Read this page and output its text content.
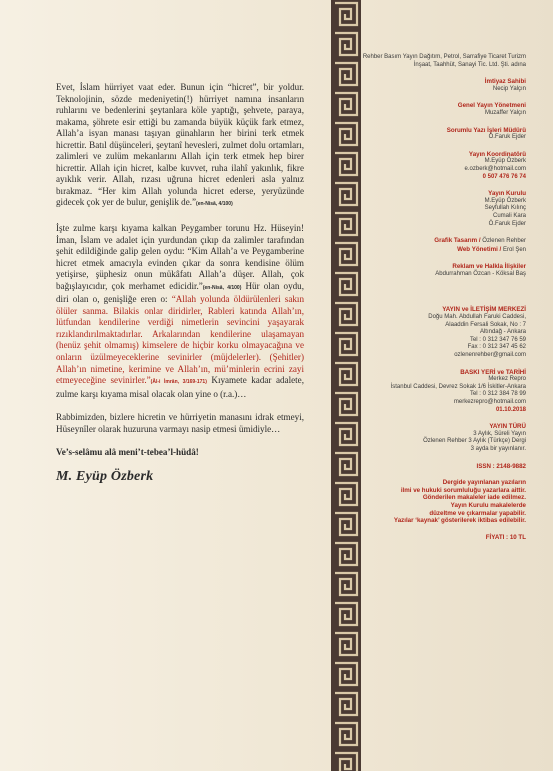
Evet, İslam hürriyet vaat eder. Bunun için “hicret”, bir yoldur. Teknolojinin, sözde medeniyetin(!) hürriyet namına insanların ruhlarını ve bedenlerini şeytanlara köle yaptığı, şehvete, paraya, makama, şöhrete esir ettiği bu zamanda büyük küçük fark etmez, Allah’a isyan manası taşıyan günahların her birini terk etmek hicrettir. Batıl düşünceleri, şeytanî hevesleri, zulmet dolu ortamları, zalimleri ve zulüm mekanlarını Allah için terk etmek hep birer hicrettir. Allah için hicret, kalbe kuvvet, ruha ilahî yakınlık, fikre ayıklık verir. Allah, rızası uğruna hicret edenleri asla yalnız bırakmaz. “Her kim Allah yolunda hicret ederse, yeryüzünde gidecek çok yer de bulur, genişlik de.”(en-Nisâ, 4/100)

İşte zulme karşı kıyama kalkan Peygamber torunu Hz. Hüseyin! İman, İslam ve adalet için yurdundan çıkıp da zalimler tarafından şehit edildiğinde galip gelen oydu: “Kim Allah’a ve Peygamberine hicret etmek amacıyla evinden çıkar da sonra kendisine ölüm yetişirse, şüphesiz onun mükâfatı Allah’a düşer. Allah, çok bağışlayıcıdır, çok merhamet edicidir.”(en-Nisâ, 4/100) Hür olan oydu, diri olan o, genişliğe eren o: “Allah yolunda öldürülenleri sakın ölüler sanma. Bilakis onlar diridirler, Rableri katında Allah’ın, lütfundan kendilerine verdiği nimetlerin sevincini yaşayarak rızıklandırılmaktadırlar. Arkalarından kendilerine ulaşamayan (henüz şehit olmamış) kimselere de hiçbir korku olmayacağına ve onların üzülmeyeceklerine sevinirler (müjdelerler). (Şehitler) Allah’ın nimetine, kerimine ve Allah’ın, mü’minlerin ecrini zayi etmeyeceğine sevinirler.”(Âl-i İmrân, 3/169-171) Kıyamete kadar adalete, zulme karşı kıyama misal olacak olan yine o (r.a.)…

Rabbimizden, bizlere hicretin ve hürriyetin manasını idrak etmeyi, Hüseynîler olarak huzuruna varmayı nasip etmesi ümidiyle…

Ve’s-selâmu alâ meni’t-tebea’l-hüdâ!

M. Eyüp Özberk
Rehber Basım Yayın Dağıtım, Petrol, Sarrafiye Ticaret Turizm İnşaat, Taahhüt, Sanayi Tic. Ltd. Şti. adına
İmtiyaz Sahibi
Necip Yalçın
Genel Yayın Yönetmeni
Muzaffer Yalçın
Sorumlu Yazı İşleri Müdürü
Ö.Faruk Ejder
Yayın Koordinatörü
M.Eyüp Özberk
e.ozberk@hotmail.com
0 507 476 76 74
Yayın Kurulu
M.Eyüp Özberk
Seyfullah Kılınç
Cumali Kara
Ö.Faruk Ejder
Grafik Tasarım / Özlenen Rehber
Web Yönetimi / Erol Şen
Reklam ve Halkla İlişkiler
Abdurrahman Özcan - Köksal Baş
YAYIN ve İLETİŞİM MERKEZİ
Doğu Mah. Abdullah Faruki Caddesi,
Alaaddin Fersali Sokak, No : 7
Altındağ - Ankara
Tel : 0 312 347 76 59
Fax : 0 312 347 45 62
ozlenenrehber@gmail.com
BASKI YERİ ve TARİHİ
Merkez Repro
İstanbul Caddesi, Devrez Sokak 1/6 İskitler-Ankara
Tel : 0 312 384 78 99
merkezrepro@hotmail.com
01.10.2018
YAYIN TÜRÜ
3 Aylık, Süreli Yayın
Özlenen Rehber 3 Aylık (Türkçe) Dergi
3 ayda bir yayınlanır.
ISSN : 2148-9882
Dergide yayınlanan yazıların
ilmi ve hukuki sorumluluğu yazarlara aittir.
Gönderilen makaleler iade edilmez.
Yayın Kurulu makalelerde
düzeltme ve çıkarmalar yapabilir.
Yazılar ‘kaynak’ gösterilerek iktibas edilebilir.
FİYATI : 10 TL
